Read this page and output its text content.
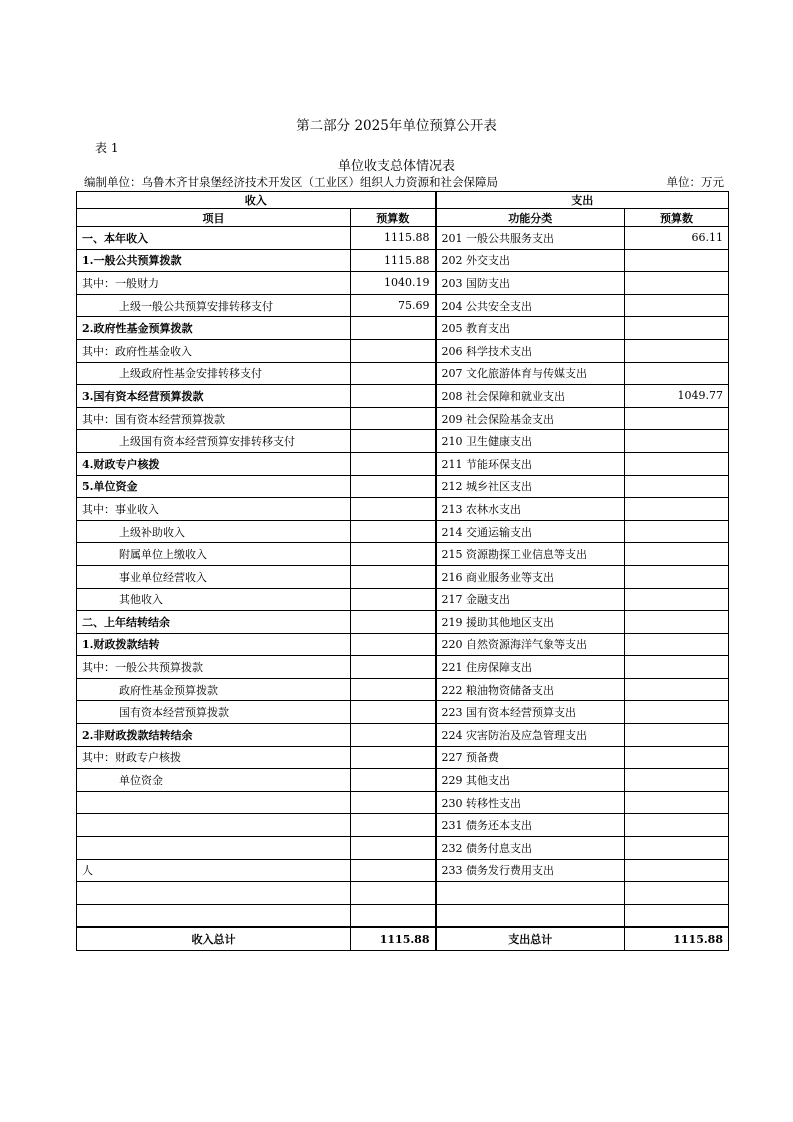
第二部分 2025年单位预算公开表
表 1
单位收支总体情况表
编制单位：乌鲁木齐甘泉堡经济技术开发区（工业区）组织人力资源和社会保障局	单位：万元
收入		支出	
项目	预算数	功能分类	预算数
一、本年收入	1115.88	201 一般公共服务支出	66.11
1.一般公共预算拨款	1115.88	202 外交支出	
其中：一般财力	1040.19	203 国防支出	
上级一般公共预算安排转移支付	75.69	204 公共安全支出	
2.政府性基金预算拨款		205 教育支出	
其中：政府性基金收入		206 科学技术支出	
上级政府性基金安排转移支付		207 文化旅游体育与传媒支出	
3.国有资本经营预算拨款		208 社会保障和就业支出	1049.77
其中：国有资本经营预算拨款		209 社会保险基金支出	
上级国有资本经营预算安排转移支付		210 卫生健康支出	
4.财政专户核拨		211 节能环保支出	
5.单位资金		212 城乡社区支出	
其中：事业收入		213 农林水支出	
上级补助收入		214 交通运输支出	
附属单位上缴收入		215 资源勘探工业信息等支出	
事业单位经营收入		216 商业服务业等支出	
其他收入		217 金融支出	
二、上年结转结余		219 援助其他地区支出	
1.财政拨款结转		220 自然资源海洋气象等支出	
其中：一般公共预算拨款		221 住房保障支出	
政府性基金预算拨款		222 粮油物资储备支出	
国有资本经营预算拨款		223 国有资本经营预算支出	
2.非财政拨款结转结余		224 灾害防治及应急管理支出	
其中：财政专户核拨		227 预备费	
单位资金		229 其他支出	
		230 转移性支出	
		231 债务还本支出	
		232 债务付息支出	
人		233 债务发行费用支出	

收入总计	1115.88	支出总计	1115.88
